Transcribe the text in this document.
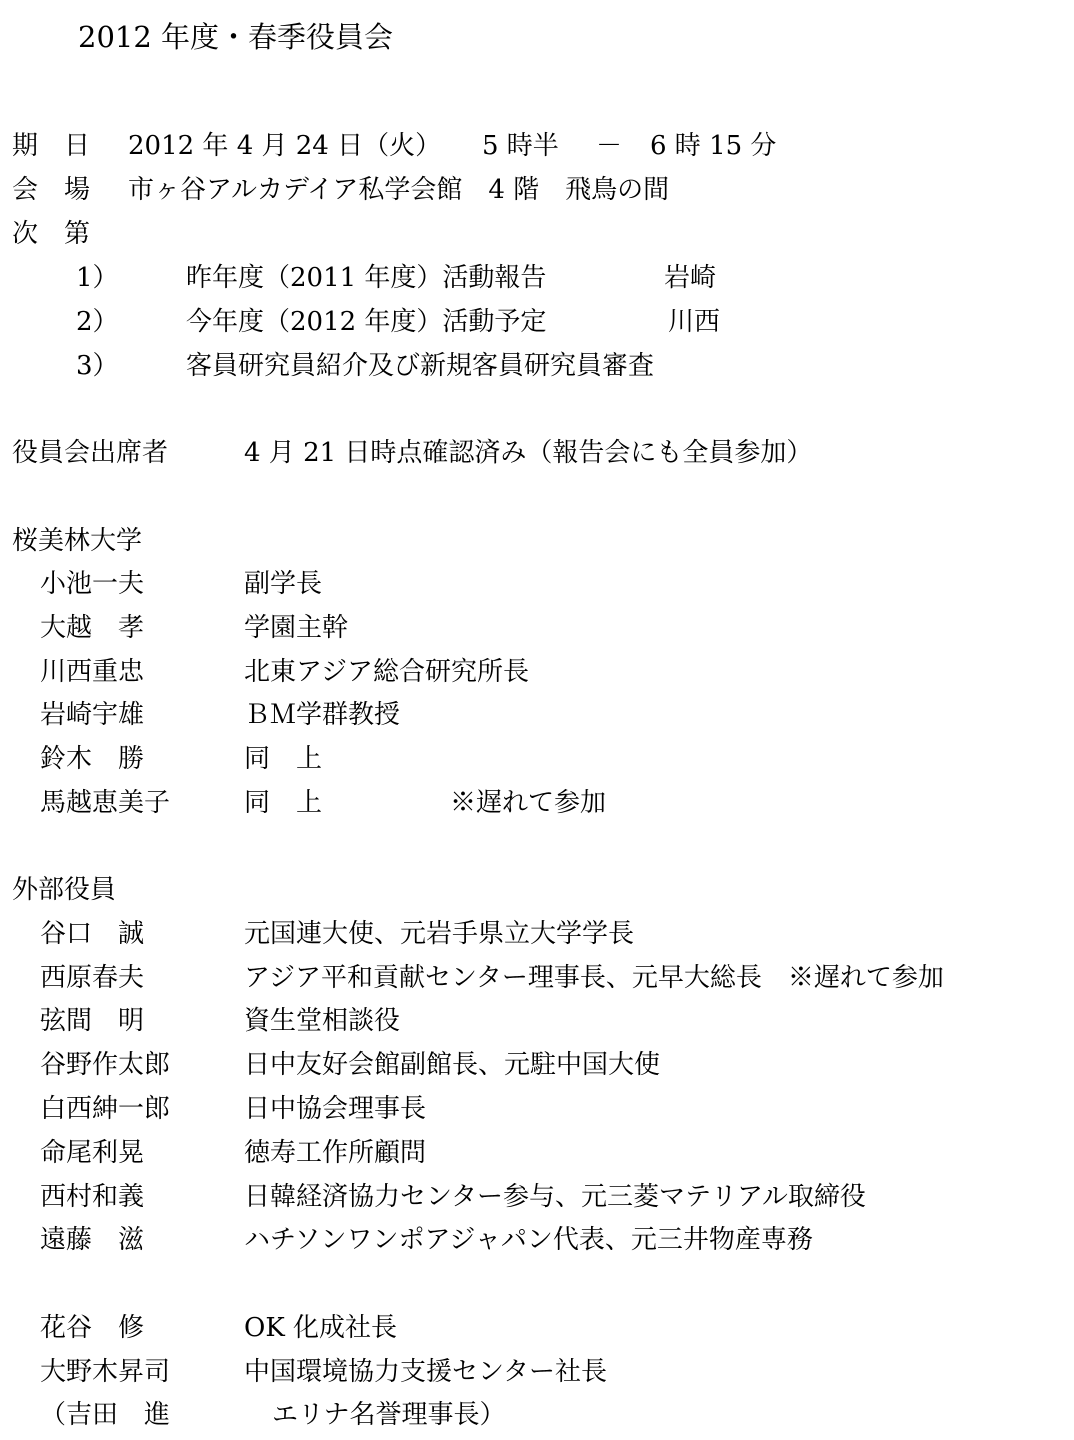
2012 年度・春季役員会
期　日 2012 年 4 月 24 日（火） 5 時半 － 6 時 15 分
会　場 市ヶ谷アルカデイア私学会館　4 階　飛鳥の間
次　第
1）	昨年度（2011 年度）活動報告	岩崎
2）	今年度（2012 年度）活動予定	川西
3）	客員研究員紹介及び新規客員研究員審査
役員会出席者	4 月 21 日時点確認済み（報告会にも全員参加）
桜美林大学
小池一夫	副学長
大越　孝	学園主幹
川西重忠	北東アジア総合研究所長
岩崎宇雄	ＢＭ学群教授
鈴木　勝	同　上
馬越恵美子	同　上	※遅れて参加
外部役員
谷口　誠	元国連大使、元岩手県立大学学長
西原春夫	アジア平和貢献センター理事長、元早大総長　※遅れて参加
弦間　明	資生堂相談役
谷野作太郎	日中友好会館副館長、元駐中国大使
白西紳一郎	日中協会理事長
命尾利晃	徳寿工作所顧問
西村和義	日韓経済協力センター参与、元三菱マテリアル取締役
遠藤　滋	ハチソンワンポアジャパン代表、元三井物産専務
花谷　修	OK 化成社長
大野木昇司	中国環境協力支援センター社長
（吉田　進	エリナ名誉理事長）
